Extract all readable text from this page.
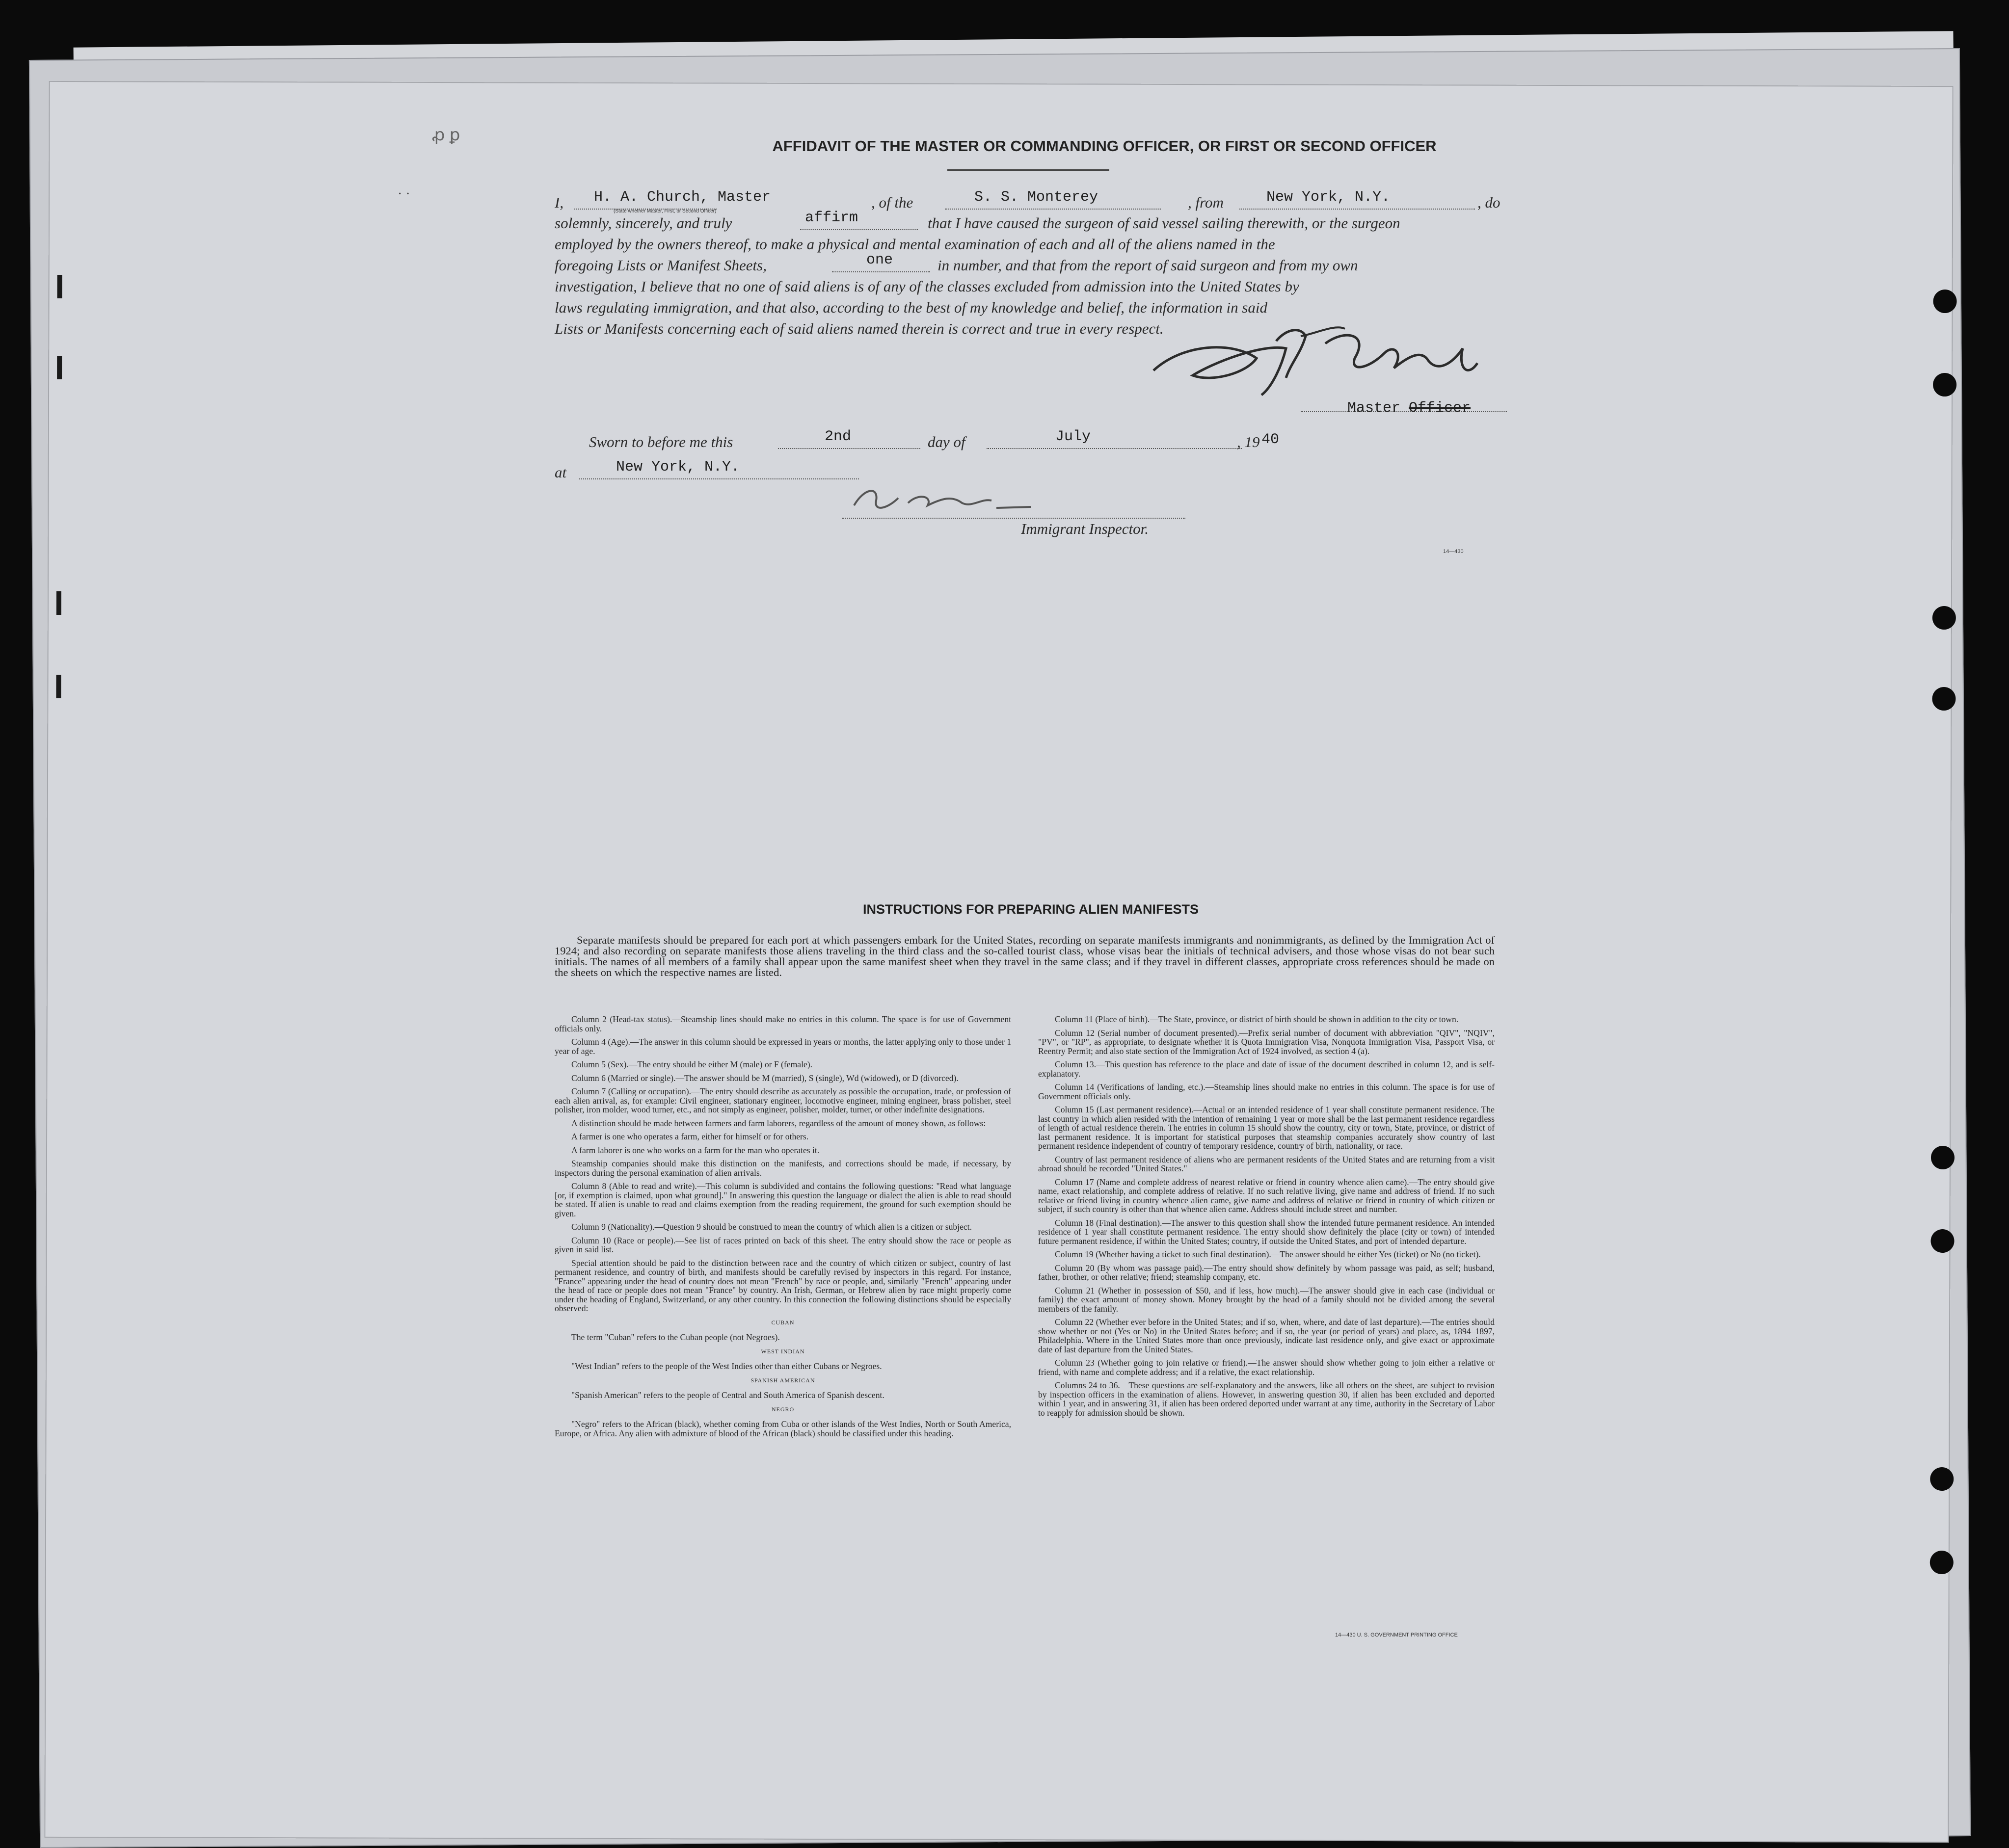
ꝓ ꝑ
· ·
AFFIDAVIT OF THE MASTER OR COMMANDING OFFICER, OR FIRST OR SECOND OFFICER
I, H. A. Church, Master
(State whether Master, First, or Second Officer)
, of the	S. S. Monterey	, from	New York, N.Y.	, do
solemnly, sincerely, and truly	affirm	that I have caused the surgeon of said vessel sailing therewith, or the surgeon
employed by the owners thereof, to make a physical and mental examination of each and all of the aliens named in the
foregoing Lists or Manifest Sheets,	one	in number, and that from the report of said surgeon and from my own
investigation, I believe that no one of said aliens is of any of the classes excluded from admission into the United States by
laws regulating immigration, and that also, according to the best of my knowledge and belief, the information in said
Lists or Manifests concerning each of said aliens named therein is correct and true in every respect.
Master Officer
Sworn to before me this	2nd	day of	July	, 19 40
at	New York, N.Y.
Immigrant Inspector.
14—430
INSTRUCTIONS FOR PREPARING ALIEN MANIFESTS

Separate manifests should be prepared for each port at which passengers embark for the United States, recording on separate manifests immigrants and nonimmigrants, as defined by the Immigration Act of 1924; and also recording on separate manifests those aliens traveling in the third class and the so-called tourist class, whose visas bear the initials of technical advisers, and those whose visas do not bear such initials. The names of all members of a family shall appear upon the same manifest sheet when they travel in the same class; and if they travel in different classes, appropriate cross references should be made on the sheets on which the respective names are listed.

Column 2 (Head-tax status).—Steamship lines should make no entries in this column. The space is for use of Government officials only.

Column 4 (Age).—The answer in this column should be expressed in years or months, the latter applying only to those under 1 year of age.

Column 5 (Sex).—The entry should be either M (male) or F (female).

Column 6 (Married or single).—The answer should be M (married), S (single), Wd (widowed), or D (divorced).

Column 7 (Calling or occupation).—The entry should describe as accurately as possible the occupation, trade, or profession of each alien arrival, as, for example: Civil engineer, stationary engineer, locomotive engineer, mining engineer, brass polisher, steel polisher, iron molder, wood turner, etc., and not simply as engineer, polisher, molder, turner, or other indefinite designations.

A distinction should be made between farmers and farm laborers, regardless of the amount of money shown, as follows:

A farmer is one who operates a farm, either for himself or for others.

A farm laborer is one who works on a farm for the man who operates it.

Steamship companies should make this distinction on the manifests, and corrections should be made, if necessary, by inspectors during the personal examination of alien arrivals.

Column 8 (Able to read and write).—This column is subdivided and contains the following questions: "Read what language [or, if exemption is claimed, upon what ground]." In answering this question the language or dialect the alien is able to read should be stated. If alien is unable to read and claims exemption from the reading requirement, the ground for such exemption should be given.

Column 9 (Nationality).—Question 9 should be construed to mean the country of which alien is a citizen or subject.

Column 10 (Race or people).—See list of races printed on back of this sheet. The entry should show the race or people as given in said list.

Special attention should be paid to the distinction between race and the country of which citizen or subject, country of last permanent residence, and country of birth, and manifests should be carefully revised by inspectors in this regard. For instance, "France" appearing under the head of country does not mean "French" by race or people, and, similarly "French" appearing under the head of race or people does not mean "France" by country. An Irish, German, or Hebrew alien by race might properly come under the heading of England, Switzerland, or any other country. In this connection the following distinctions should be especially observed:

CUBAN

The term "Cuban" refers to the Cuban people (not Negroes).

WEST INDIAN

"West Indian" refers to the people of the West Indies other than either Cubans or Negroes.

SPANISH AMERICAN

"Spanish American" refers to the people of Central and South America of Spanish descent.

NEGRO

"Negro" refers to the African (black), whether coming from Cuba or other islands of the West Indies, North or South America, Europe, or Africa. Any alien with admixture of blood of the African (black) should be classified under this heading.

Column 11 (Place of birth).—The State, province, or district of birth should be shown in addition to the city or town.

Column 12 (Serial number of document presented).—Prefix serial number of document with abbreviation "QIV", "NQIV", "PV", or "RP", as appropriate, to designate whether it is Quota Immigration Visa, Nonquota Immigration Visa, Passport Visa, or Reentry Permit; and also state section of the Immigration Act of 1924 involved, as section 4 (a).

Column 13.—This question has reference to the place and date of issue of the document described in column 12, and is self-explanatory.

Column 14 (Verifications of landing, etc.).—Steamship lines should make no entries in this column. The space is for use of Government officials only.

Column 15 (Last permanent residence).—Actual or an intended residence of 1 year shall constitute permanent residence. The last country in which alien resided with the intention of remaining 1 year or more shall be the last permanent residence regardless of length of actual residence therein. The entries in column 15 should show the country, city or town, State, province, or district of last permanent residence. It is important for statistical purposes that steamship companies accurately show country of last permanent residence independent of country of temporary residence, country of birth, nationality, or race.

Country of last permanent residence of aliens who are permanent residents of the United States and are returning from a visit abroad should be recorded "United States."

Column 17 (Name and complete address of nearest relative or friend in country whence alien came).—The entry should give name, exact relationship, and complete address of relative. If no such relative living, give name and address of friend. If no such relative or friend living in country whence alien came, give name and address of relative or friend in country of which citizen or subject, if such country is other than that whence alien came. Address should include street and number.

Column 18 (Final destination).—The answer to this question shall show the intended future permanent residence. An intended residence of 1 year shall constitute permanent residence. The entry should show definitely the place (city or town) of intended future permanent residence, if within the United States; country, if outside the United States, and port of intended departure.

Column 19 (Whether having a ticket to such final destination).—The answer should be either Yes (ticket) or No (no ticket).

Column 20 (By whom was passage paid).—The entry should show definitely by whom passage was paid, as self; husband, father, brother, or other relative; friend; steamship company, etc.

Column 21 (Whether in possession of $50, and if less, how much).—The answer should give in each case (individual or family) the exact amount of money shown. Money brought by the head of a family should not be divided among the several members of the family.

Column 22 (Whether ever before in the United States; and if so, when, where, and date of last departure).—The entries should show whether or not (Yes or No) in the United States before; and if so, the year (or period of years) and place, as, 1894–1897, Philadelphia. Where in the United States more than once previously, indicate last residence only, and give exact or approximate date of last departure from the United States.

Column 23 (Whether going to join relative or friend).—The answer should show whether going to join either a relative or friend, with name and complete address; and if a relative, the exact relationship.

Columns 24 to 36.—These questions are self-explanatory and the answers, like all others on the sheet, are subject to revision by inspection officers in the examination of aliens. However, in answering question 30, if alien has been excluded and deported within 1 year, and in answering 31, if alien has been ordered deported under warrant at any time, authority in the Secretary of Labor to reapply for admission should be shown.

14—430 U. S. GOVERNMENT PRINTING OFFICE
